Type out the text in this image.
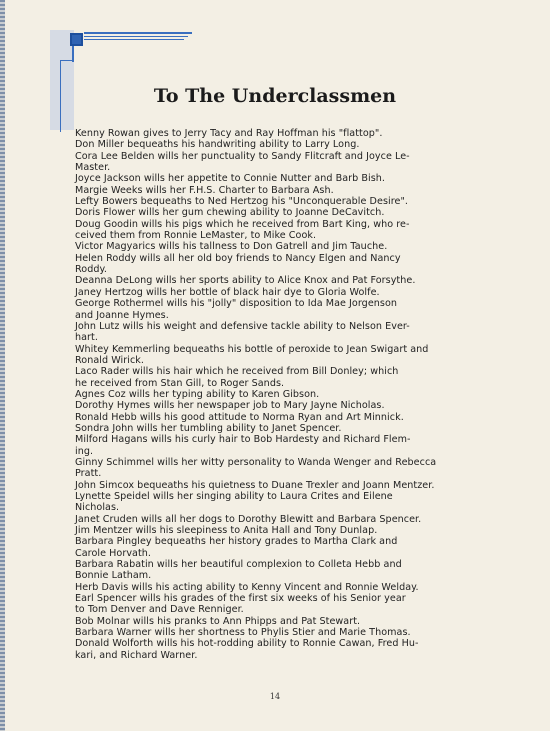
To The Underclassmen
Kenny Rowan gives to Jerry Tacy and Ray Hoffman his "flattop".
Don Miller bequeaths his handwriting ability to Larry Long.
Cora Lee Belden wills her punctuality to Sandy Flitcraft and Joyce Le-
Master.
Joyce Jackson wills her appetite to Connie Nutter and Barb Bish.
Margie Weeks wills her F.H.S. Charter to Barbara Ash.
Lefty Bowers bequeaths to Ned Hertzog his "Unconquerable Desire".
Doris Flower wills her gum chewing ability to Joanne DeCavitch.
Doug Goodin wills his pigs which he received from Bart King, who re-
ceived them from Ronnie LeMaster, to Mike Cook.
Victor Magyarics wills his tallness to Don Gatrell and Jim Tauche.
Helen Roddy wills all her old boy friends to Nancy Elgen and Nancy
Roddy.
Deanna DeLong wills her sports ability to Alice Knox and Pat Forsythe.
Janey Hertzog wills her bottle of black hair dye to Gloria Wolfe.
George Rothermel wills his "jolly" disposition to Ida Mae Jorgenson
and Joanne Hymes.
John Lutz wills his weight and defensive tackle ability to Nelson Ever-
hart.
Whitey Kemmerling bequeaths his bottle of peroxide to Jean Swigart and
Ronald Wirick.
Laco Rader wills his hair which he received from Bill Donley; which
he received from Stan Gill, to Roger Sands.
Agnes Coz wills her typing ability to Karen Gibson.
Dorothy Hymes wills her newspaper job to Mary Jayne Nicholas.
Ronald Hebb wills his good attitude to Norma Ryan and Art Minnick.
Sondra John wills her tumbling ability to Janet Spencer.
Milford Hagans wills his curly hair to Bob Hardesty and Richard Flem-
ing.
Ginny Schimmel wills her witty personality to Wanda Wenger and Rebecca
Pratt.
John Simcox bequeaths his quietness to Duane Trexler and Joann Mentzer.
Lynette Speidel wills her singing ability to Laura Crites and Eilene
Nicholas.
Janet Cruden wills all her dogs to Dorothy Blewitt and Barbara Spencer.
Jim Mentzer wills his sleepiness to Anita Hall and Tony Dunlap.
Barbara Pingley bequeaths her history grades to Martha Clark and
Carole Horvath.
Barbara Rabatin wills her beautiful complexion to Colleta Hebb and
Bonnie Latham.
Herb Davis wills his acting ability to Kenny Vincent and Ronnie Welday.
Earl Spencer wills his grades of the first six weeks of his Senior year
to Tom Denver and Dave Renniger.
Bob Molnar wills his pranks to Ann Phipps and Pat Stewart.
Barbara Warner wills her shortness to Phylis Stier and Marie Thomas.
Donald Wolforth wills his hot-rodding ability to Ronnie Cawan, Fred Hu-
kari, and Richard Warner.
14
